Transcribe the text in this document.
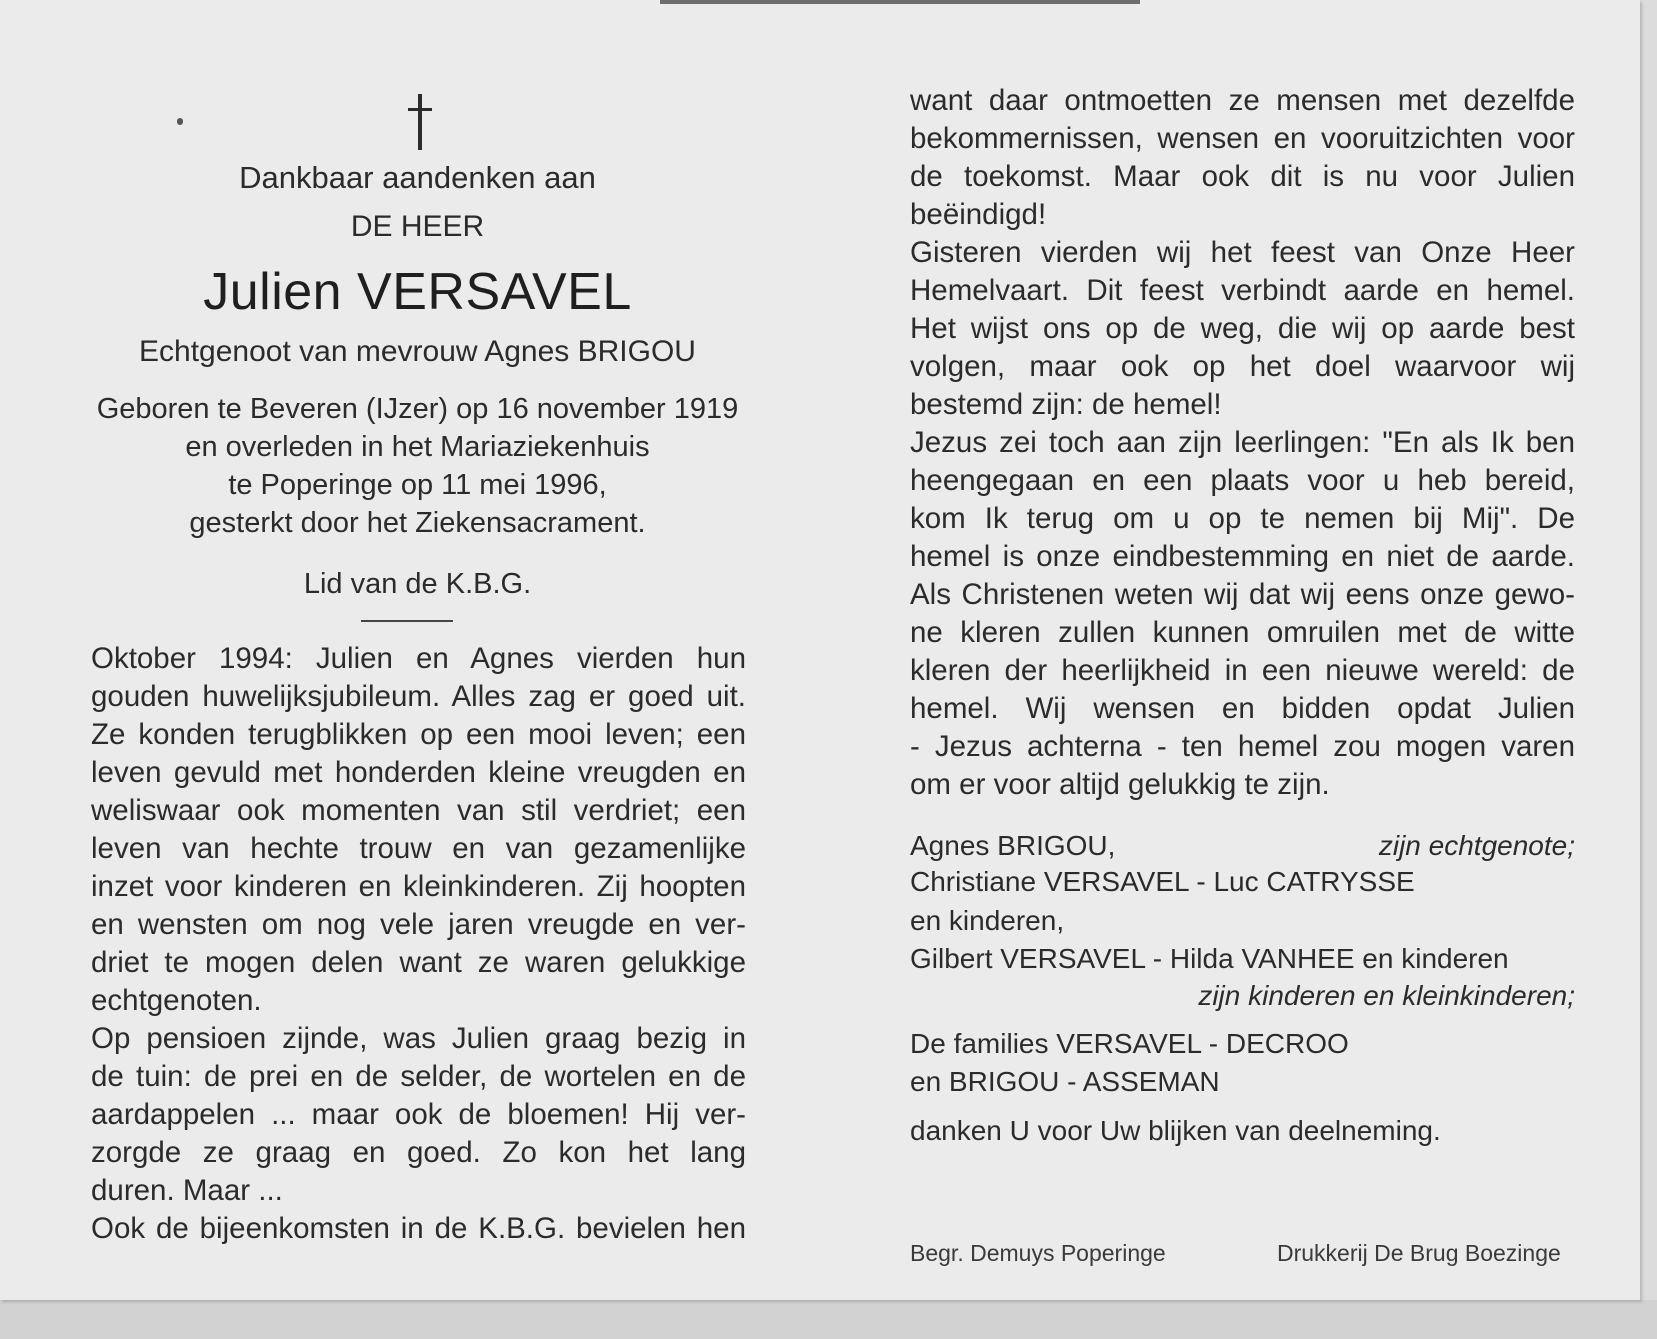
Dankbaar aandenken aan
DE HEER
Julien VERSAVEL
Echtgenoot van mevrouw Agnes BRIGOU
Geboren te Beveren (IJzer) op 16 november 1919
en overleden in het Mariaziekenhuis
te Poperinge op 11 mei 1996,
gesterkt door het Ziekensacrament.
Lid van de K.B.G.
Oktober 1994: Julien en Agnes vierden hun
gouden huwelijksjubileum. Alles zag er goed uit.
Ze konden terugblikken op een mooi leven; een
leven gevuld met honderden kleine vreugden en
weliswaar ook momenten van stil verdriet; een
leven van hechte trouw en van gezamenlijke
inzet voor kinderen en kleinkinderen. Zij hoopten
en wensten om nog vele jaren vreugde en ver-
driet te mogen delen want ze waren gelukkige
echtgenoten.
Op pensioen zijnde, was Julien graag bezig in
de tuin: de prei en de selder, de wortelen en de
aardappelen ... maar ook de bloemen! Hij ver-
zorgde ze graag en goed. Zo kon het lang
duren. Maar ...
Ook de bijeenkomsten in de K.B.G. bevielen hen
want daar ontmoetten ze mensen met dezelfde
bekommernissen, wensen en vooruitzichten voor
de toekomst. Maar ook dit is nu voor Julien
beëindigd!
Gisteren vierden wij het feest van Onze Heer
Hemelvaart. Dit feest verbindt aarde en hemel.
Het wijst ons op de weg, die wij op aarde best
volgen, maar ook op het doel waarvoor wij
bestemd zijn: de hemel!
Jezus zei toch aan zijn leerlingen: "En als Ik ben
heengegaan en een plaats voor u heb bereid,
kom Ik terug om u op te nemen bij Mij". De
hemel is onze eindbestemming en niet de aarde.
Als Christenen weten wij dat wij eens onze gewo-
ne kleren zullen kunnen omruilen met de witte
kleren der heerlijkheid in een nieuwe wereld: de
hemel. Wij wensen en bidden opdat Julien
- Jezus achterna - ten hemel zou mogen varen
om er voor altijd gelukkig te zijn.
Agnes BRIGOU,	zijn echtgenote;
Christiane VERSAVEL - Luc CATRYSSE
en kinderen,
Gilbert VERSAVEL - Hilda VANHEE en kinderen
zijn kinderen en kleinkinderen;
De families VERSAVEL - DECROO
en BRIGOU - ASSEMAN
danken U voor Uw blijken van deelneming.
Begr. Demuys Poperinge	Drukkerij De Brug Boezinge
